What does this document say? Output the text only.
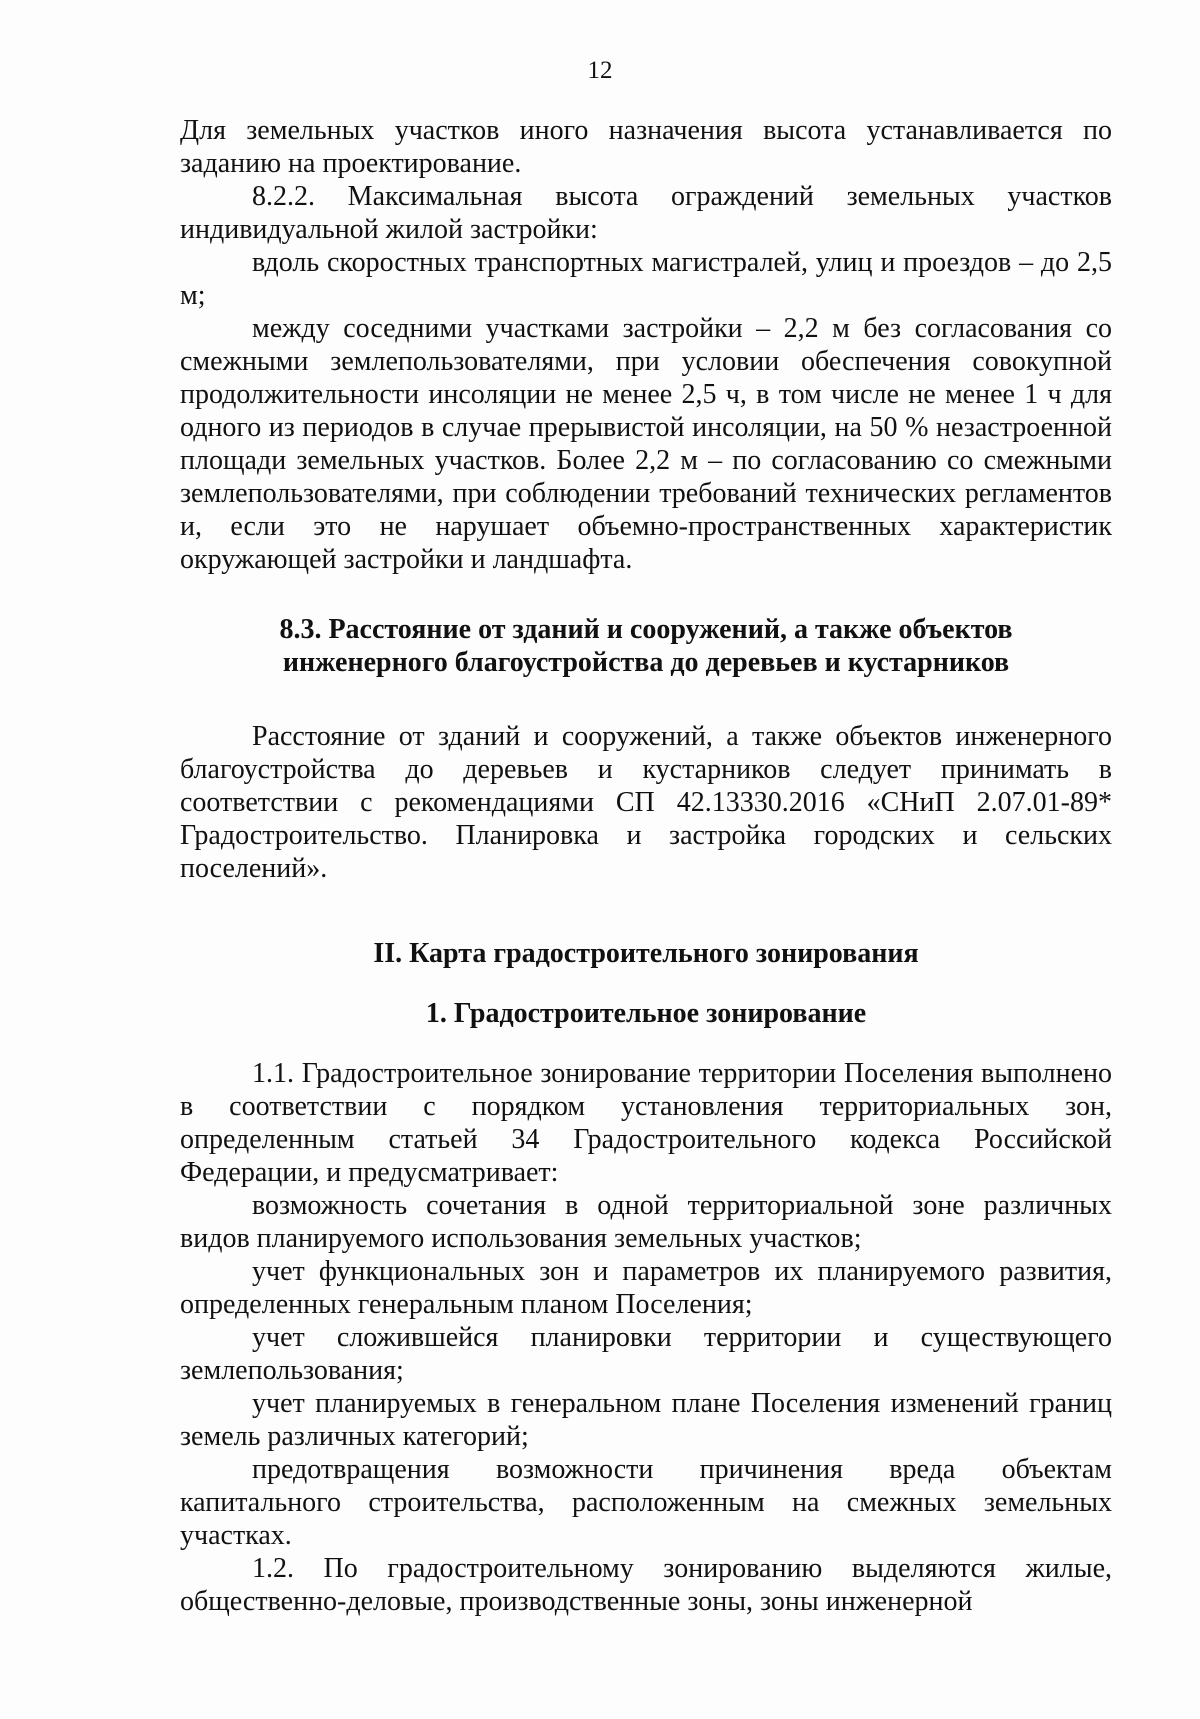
12

Для земельных участков иного назначения высота устанавливается по заданию на проектирование.

8.2.2. Максимальная высота ограждений земельных участков индивидуальной жилой застройки:

вдоль скоростных транспортных магистралей, улиц и проездов – до 2,5 м;

между соседними участками застройки – 2,2 м без согласования со смежными землепользователями, при условии обеспечения совокупной продолжительности инсоляции не менее 2,5 ч, в том числе не менее 1 ч для одного из периодов в случае прерывистой инсоляции, на 50 % незастроенной площади земельных участков. Более 2,2 м – по согласованию со смежными землепользователями, при соблюдении требований технических регламентов и, если это не нарушает объемно-пространственных характеристик окружающей застройки и ландшафта.

8.3. Расстояние от зданий и сооружений, а также объектов
инженерного благоустройства до деревьев и кустарников

Расстояние от зданий и сооружений, а также объектов инженерного благоустройства до деревьев и кустарников следует принимать в соответствии с рекомендациями СП 42.13330.2016 «СНиП 2.07.01-89* Градостроительство. Планировка и застройка городских и сельских поселений».

II. Карта градостроительного зонирования
1. Градостроительное зонирование

1.1. Градостроительное зонирование территории Поселения выполнено в соответствии с порядком установления территориальных зон, определенным статьей 34 Градостроительного кодекса Российской Федерации, и предусматривает:

возможность сочетания в одной территориальной зоне различных видов планируемого использования земельных участков;

учет функциональных зон и параметров их планируемого развития, определенных генеральным планом Поселения;

учет сложившейся планировки территории и существующего землепользования;

учет планируемых в генеральном плане Поселения изменений границ земель различных категорий;

предотвращения возможности причинения вреда объектам капитального строительства, расположенным на смежных земельных участках.

1.2. По градостроительному зонированию выделяются жилые, общественно-деловые, производственные зоны, зоны инженерной
